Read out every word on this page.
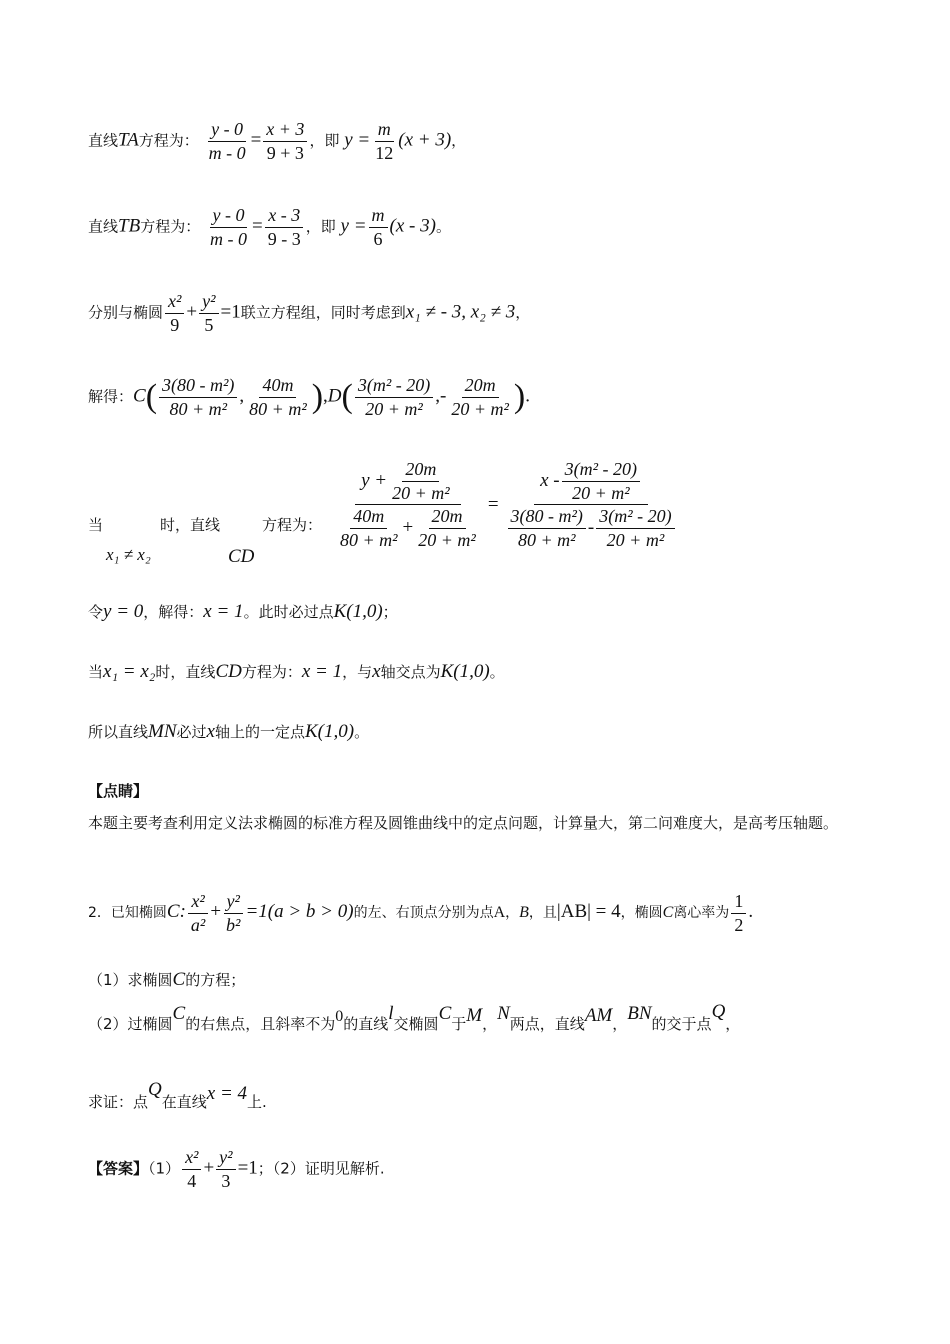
直线TA方程为： $\frac{y - 0}{m - 0} = \frac{x + 3}{9 + 3}$ ，即 $y = \frac{m}{12} (x + 3)$，
直线TB方程为： $\frac{y - 0}{m - 0} = \frac{x - 3}{9 - 3}$ ，即 $y = \frac{m}{6} (x - 3)$。
分别与椭圆 $\frac{\text{x²}}{9} + \frac{\text{y²}}{5} =1$联立方程组，同时考虑到x₁ ≠ - 3, x₂ ≠ 3，
解得：$C( \frac{\text{3(80 - m²)}}{\text{80 + m²}}$ , $\frac{40m}{\text{80 + m²}} ),D( \frac{\text{3(m² - 20)}}{\text{20 + m²}}$ ,- $\frac{20m}{\text{20 + m²}}$ ).
当	时，直线	方程为：
x₁ ≠ x₂	CD
$\frac{y + \frac{20m}{\text{20 + m²}}}{\frac{40m}{\text{80 + m²}} + \frac{20m}{\text{20 + m²}}} = \frac{x - \frac{\text{3(m² - 20)}}{\text{20 + m²}}}{\frac{\text{3(80 - m²)}}{\text{80 + m²}} - \frac{\text{3(m² - 20)}}{\text{20 + m²}}}$
令y = 0，解得：x = 1。此时必过点K(1,0)；
当x₁ = x₂时，直线CD方程为：x = 1，与x轴交点为K(1,0)。
所以直线MN必过x轴上的一定点K(1,0)。
【点睛】
本题主要考查利用定义法求椭圆的标准方程及圆锥曲线中的定点问题，计算量大，第二问难度大，是高考压轴题。
2．已知椭圆C: $\frac{\text{x²}}{\text{a²}} + \frac{\text{y²}}{\text{b²}} =1(a > b > 0)$的左、右顶点分别为点A，B，且|AB| = 4，椭圆C离心率为 $\frac{1}{2}$ .
（1）求椭圆C的方程；
（2）过椭圆C的右焦点，且斜率不为0的直线l交椭圆C于M，N两点，直线AM，BN的交于点Q，
求证：点Q在直线x = 4上.
【答案】$(1) \frac{\text{x²}}{4} + \frac{\text{y²}}{3} =1$；（2）证明见解析.
